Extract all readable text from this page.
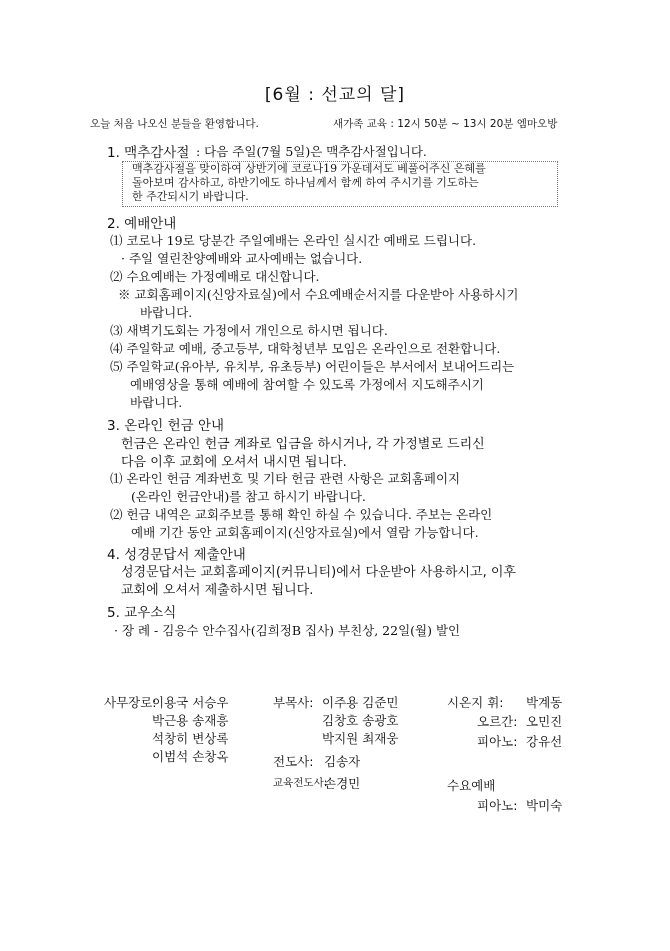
[6월 : 선교의 달]
오늘 처음 나오신 분들을 환영합니다.	새가족 교육 : 12시 50분 ~ 13시 20분 엠마오방
1. 맥추감사절 : 다음 주일(7월 5일)은 맥추감사절입니다.
맥추감사절을 맞이하여 상반기에 코로나19 가운데서도 베풀어주신 은혜를
돌아보며 감사하고, 하반기에도 하나님께서 함께 하여 주시기를 기도하는
한 주간되시기 바랍니다.
2. 예배안내
⑴ 코로나 19로 당분간 주일예배는 온라인 실시간 예배로 드립니다.
· 주일 열린찬양예배와 교사예배는 없습니다.
⑵ 수요예배는 가정예배로 대신합니다.
※ 교회홈페이지(신앙자료실)에서 수요예배순서지를 다운받아 사용하시기
바랍니다.
⑶ 새벽기도회는 가정에서 개인으로 하시면 됩니다.
⑷ 주일학교 예배, 중고등부, 대학청년부 모임은 온라인으로 전환합니다.
⑸ 주일학교(유아부, 유치부, 유초등부) 어린이들은 부서에서 보내어드리는
예배영상을 통해 예배에 참여할 수 있도록 가정에서 지도해주시기
바랍니다.
3. 온라인 헌금 안내
헌금은 온라인 헌금 계좌로 입금을 하시거나, 각 가정별로 드리신
다음 이후 교회에 오셔서 내시면 됩니다.
⑴ 온라인 헌금 계좌번호 및 기타 헌금 관련 사항은 교회홈페이지
(온라인 헌금안내)를 참고 하시기 바랍니다.
⑵ 헌금 내역은 교회주보를 통해 확인 하실 수 있습니다. 주보는 온라인
예배 기간 동안 교회홈페이지(신앙자료실)에서 열람 가능합니다.
4. 성경문답서 제출안내
성경문답서는 교회홈페이지(커뮤니티)에서 다운받아 사용하시고, 이후
교회에 오셔서 제출하시면 됩니다.
5. 교우소식
· 장 례 - 김응수 안수집사(김희정B 집사) 부친상, 22일(월) 발인
사무장로:
이용국 서승우
박근용 송재흥
석창히 변상록
이범석 손창옥
부목사: 이주용 김준민
김창호 송광호
박지원 최재웅
전도사: 김송자
교육전도사:
손경민
시온지 휘: 박계동
오르간: 오민진
피아노: 강유선
수요예배
피아노: 박미숙
